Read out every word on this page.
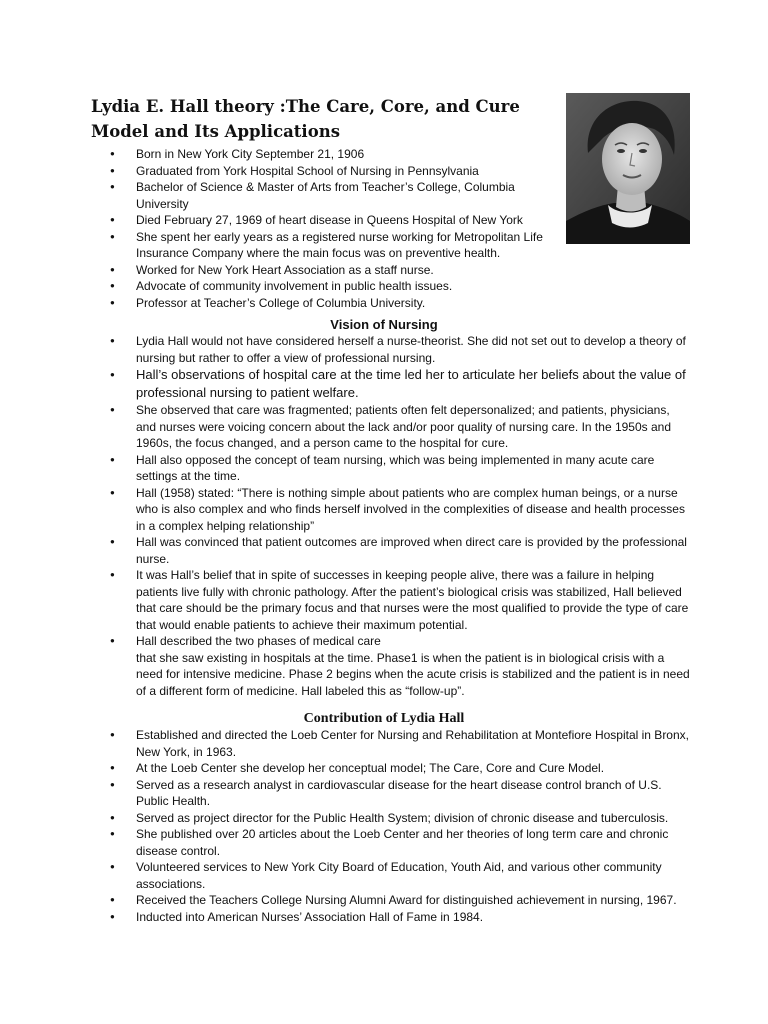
Lydia E. Hall theory :The Care, Core, and Cure Model and Its Applications
● Born in New York City September 21, 1906
● Graduated from York Hospital School of Nursing in Pennsylvania
● Bachelor of Science & Master of Arts from Teacher’s College, Columbia University
● Died February 27, 1969 of heart disease in Queens Hospital of New York
● She spent her early years as a registered nurse working for Metropolitan Life Insurance Company where the main focus was on preventive health.
● Worked for New York Heart Association as a staff nurse.
● Advocate of community involvement in public health issues.
● Professor at Teacher’s College of Columbia University.
Vision of Nursing
● Lydia Hall would not have considered herself a nurse-theorist. She did not set out to develop a theory of nursing but rather to offer a view of professional nursing.
● Hall’s observations of hospital care at the time led her to articulate her beliefs about the value of professional nursing to patient welfare.
● She observed that care was fragmented; patients often felt depersonalized; and patients, physicians, and nurses were voicing concern about the lack and/or poor quality of nursing care. In the 1950s and 1960s, the focus changed, and a person came to the hospital for cure.
● Hall also opposed the concept of team nursing, which was being implemented in many acute care settings at the time.
● Hall (1958) stated: “There is nothing simple about patients who are complex human beings, or a nurse who is also complex and who finds herself involved in the complexities of disease and health processes in a complex helping relationship”
● Hall was convinced that patient outcomes are improved when direct care is provided by the professional nurse.
● It was Hall’s belief that in spite of successes in keeping people alive, there was a failure in helping patients live fully with chronic pathology. After the patient’s biological crisis was stabilized, Hall believed that care should be the primary focus and that nurses were the most qualified to provide the type of care that would enable patients to achieve their maximum potential.
● Hall described the two phases of medical care
that she saw existing in hospitals at the time. Phase1 is when the patient is in biological crisis with a need for intensive medicine. Phase 2 begins when the acute crisis is stabilized and the patient is in need of a different form of medicine. Hall labeled this as “follow-up”.
Contribution of Lydia Hall
● Established and directed the Loeb Center for Nursing and Rehabilitation at Montefiore Hospital in Bronx, New York, in 1963.
● At the Loeb Center she develop her conceptual model; The Care, Core and Cure Model.
● Served as a research analyst in cardiovascular disease for the heart disease control branch of U.S. Public Health.
● Served as project director for the Public Health System; division of chronic disease and tuberculosis.
● She published over 20 articles about the Loeb Center and her theories of long term care and chronic disease control.
● Volunteered services to New York City Board of Education, Youth Aid, and various other community associations.
● Received the Teachers College Nursing Alumni Award for distinguished achievement in nursing, 1967.
● Inducted into American Nurses’ Association Hall of Fame in 1984.
